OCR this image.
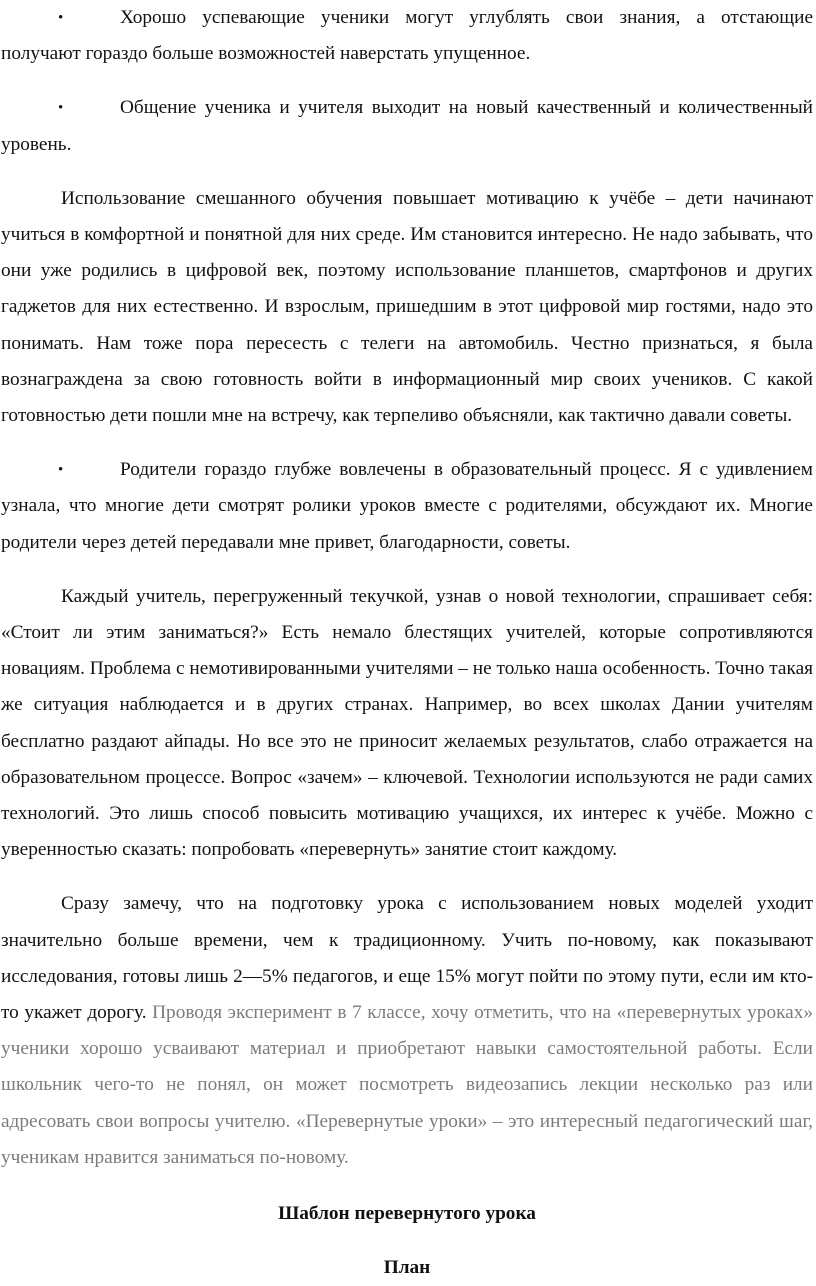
•	Хорошо успевающие ученики могут углублять свои знания, а отстающие
получают гораздо больше возможностей наверстать упущенное.

•	Общение ученика и учителя выходит на новый качественный и количественный
уровень.

Использование смешанного обучения повышает мотивацию к учёбе – дети начинают учиться в комфортной и понятной для них среде. Им становится интересно. Не надо забывать, что они уже родились в цифровой век, поэтому использование планшетов, смартфонов и других гаджетов для них естественно. И взрослым, пришедшим в этот цифровой мир гостями, надо это понимать. Нам тоже пора пересесть с телеги на автомобиль. Честно признаться, я была вознаграждена за свою готовность войти в информационный мир своих учеников. С какой готовностью дети пошли мне на встречу, как терпеливо объясняли, как тактично давали советы.

•	Родители гораздо глубже вовлечены в образовательный процесс. Я с удивлением
узнала, что многие дети смотрят ролики уроков вместе с родителями, обсуждают их. Многие родители через детей передавали мне привет, благодарности, советы.

Каждый учитель, перегруженный текучкой, узнав о новой технологии, спрашивает себя: «Стоит ли этим заниматься?» Есть немало блестящих учителей, которые сопротивляются новациям. Проблема с немотивированными учителями – не только наша особенность. Точно такая же ситуация наблюдается и в других странах. Например, во всех школах Дании учителям бесплатно раздают айпады. Но все это не приносит желаемых результатов, слабо отражается на образовательном процессе. Вопрос «зачем» – ключевой. Технологии используются не ради самих технологий. Это лишь способ повысить мотивацию учащихся, их интерес к учёбе. Можно с уверенностью сказать: попробовать «перевернуть» занятие стоит каждому.

Сразу замечу, что на подготовку урока с использованием новых моделей уходит значительно больше времени, чем к традиционному. Учить по-новому, как показывают исследования, готовы лишь 2—5% педагогов, и еще 15% могут пойти по этому пути, если им кто-то укажет дорогу. Проводя эксперимент в 7 классе, хочу отметить, что на «перевернутых уроках» ученики хорошо усваивают материал и приобретают навыки самостоятельной работы. Если школьник чего-то не понял, он может посмотреть видеозапись лекции несколько раз или адресовать свои вопросы учителю. «Перевернутые уроки» – это интересный педагогический шаг, ученикам нравится заниматься по-новому.

Шаблон перевернутого урока

План
